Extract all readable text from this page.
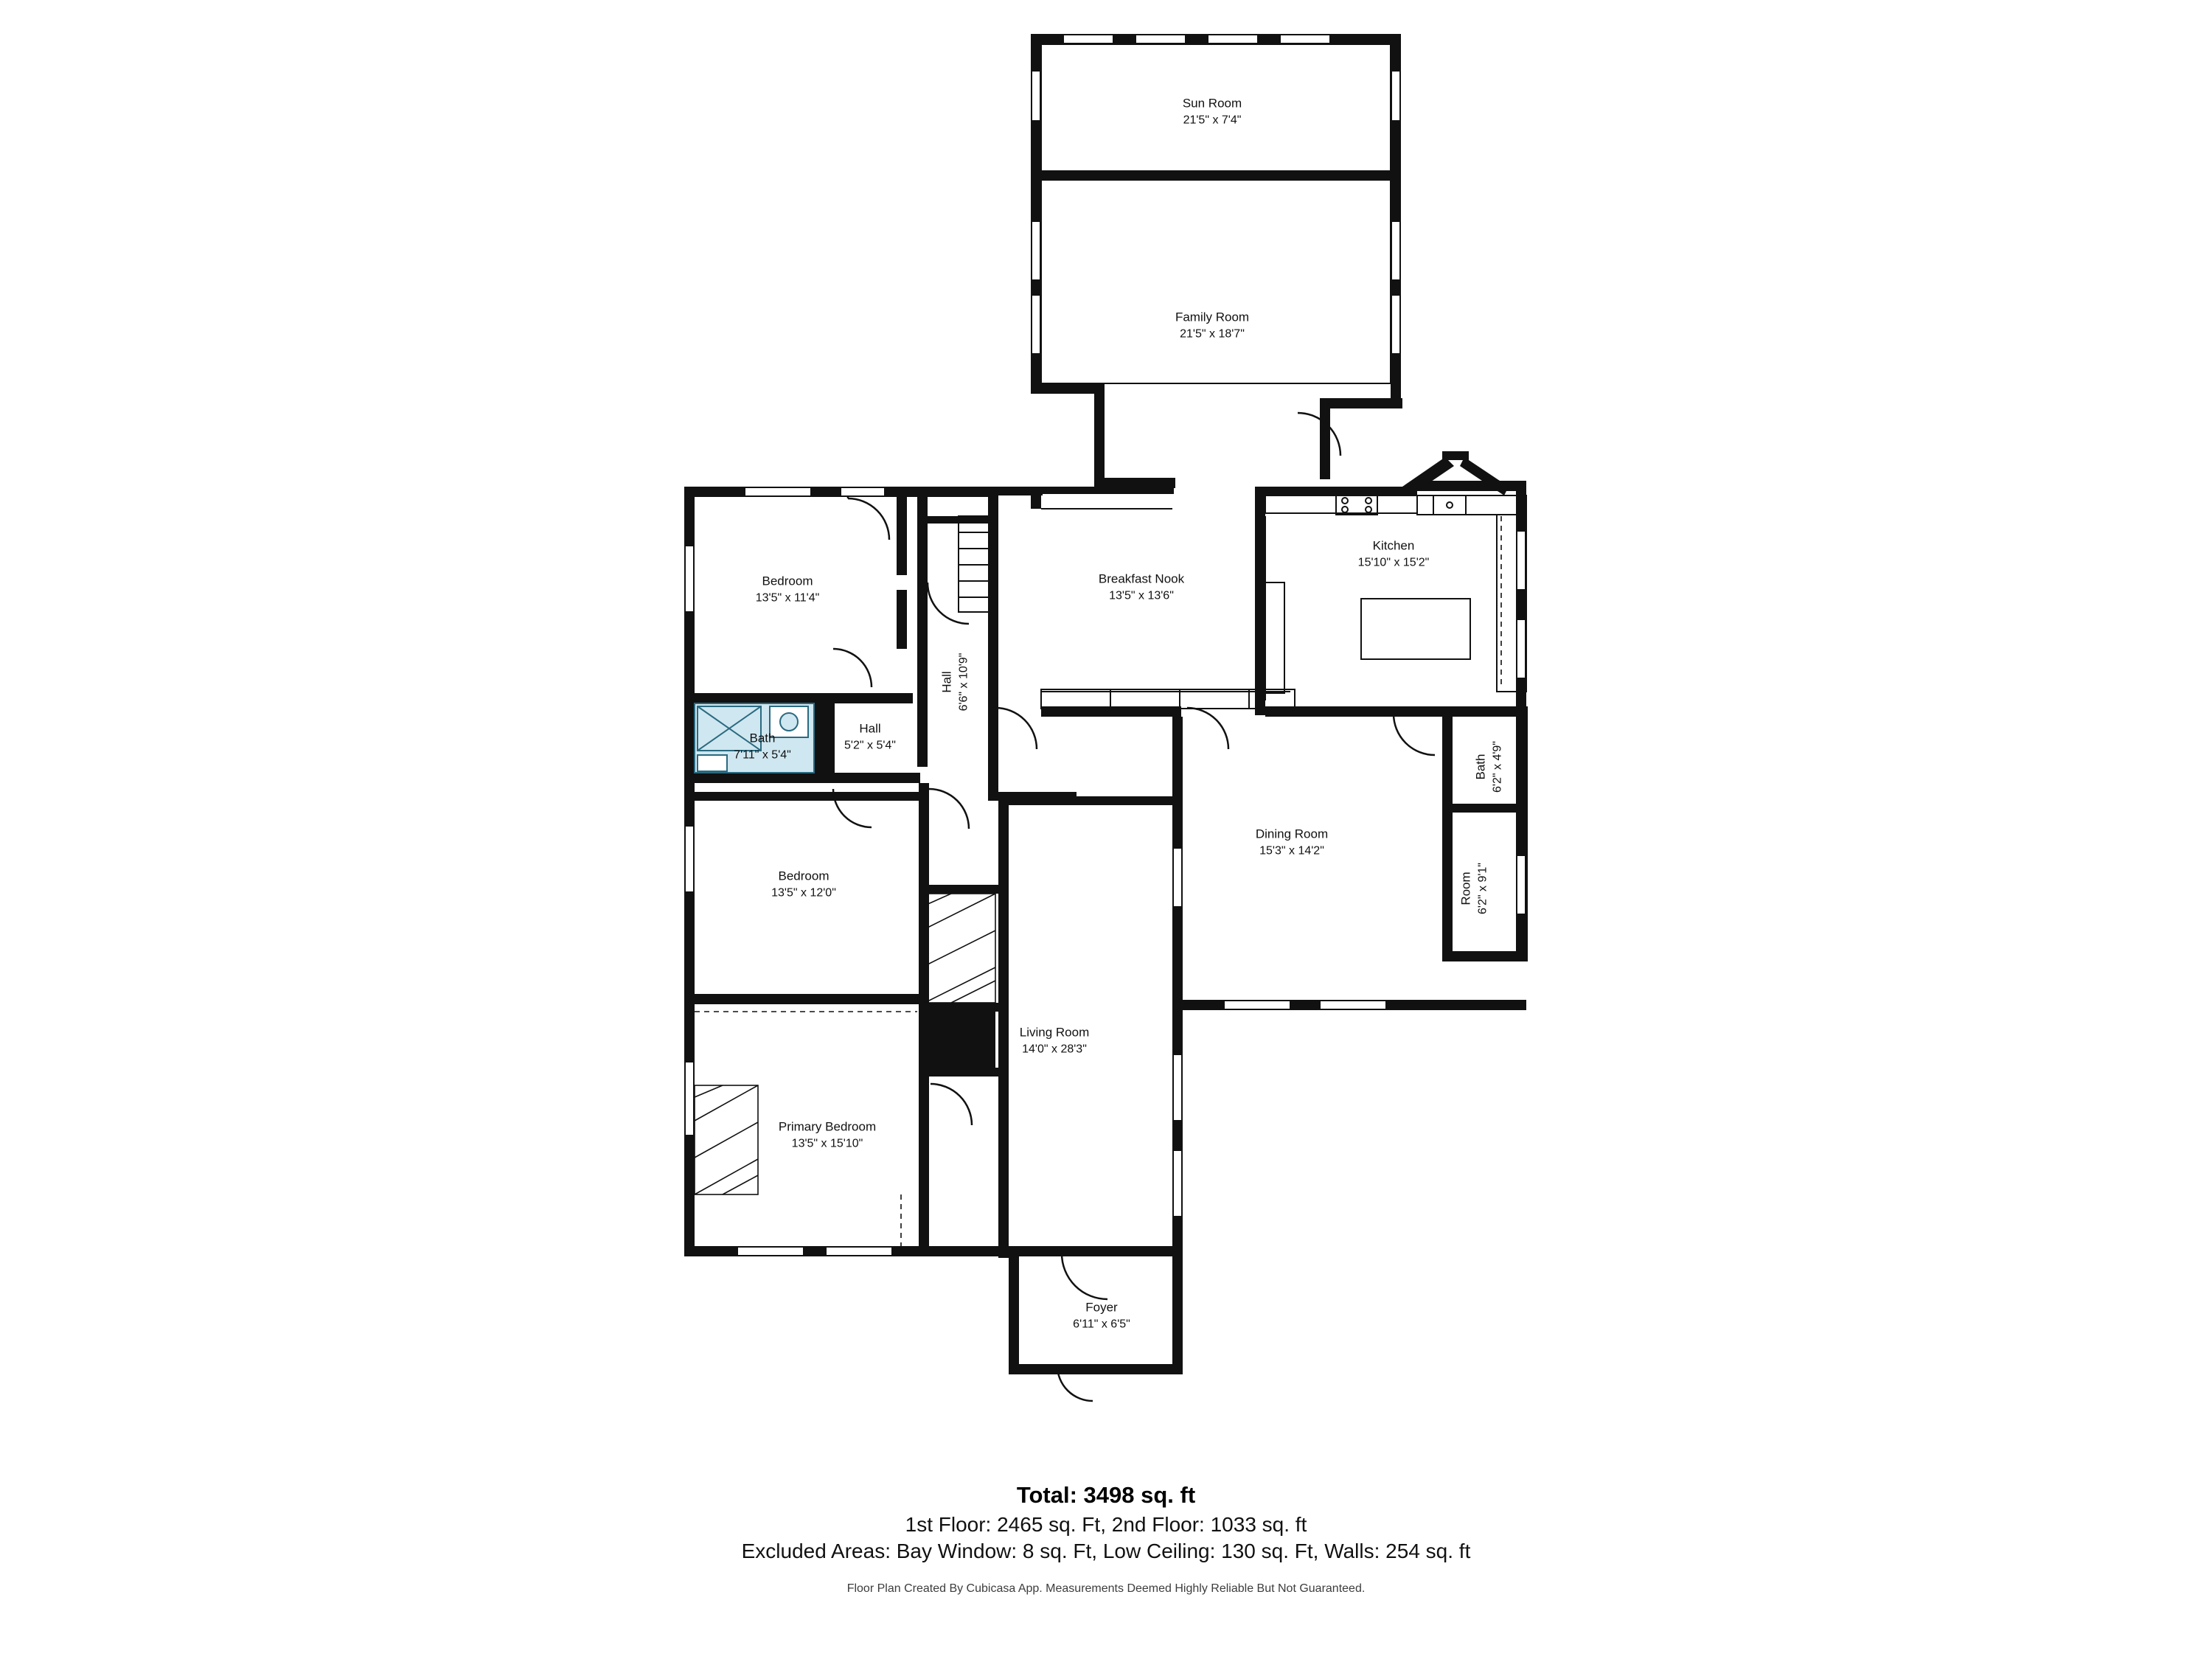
Sun Room
21'5" x 7'4"
Family Room
21'5" x 18'7"
Kitchen
15'10" x 15'2"
Breakfast Nook
13'5" x 13'6"
Bedroom
13'5" x 11'4"
Hall 6'6" x 10'9"
Hall
5'2" x 5'4"
Bath
7'11" x 5'4"
Bedroom
13'5" x 12'0"
Dining Room
15'3" x 14'2"
Bath 6'2" x 4'9"
Room 6'2" x 9'1"
Living Room
14'0" x 28'3"
Primary Bedroom
13'5" x 15'10"
Foyer
6'11" x 6'5"
Total: 3498 sq. ft
1st Floor: 2465 sq. Ft, 2nd Floor: 1033 sq. ft
Excluded Areas: Bay Window: 8 sq. Ft, Low Ceiling: 130 sq. Ft, Walls: 254 sq. ft
Floor Plan Created By Cubicasa App. Measurements Deemed Highly Reliable But Not Guaranteed.
